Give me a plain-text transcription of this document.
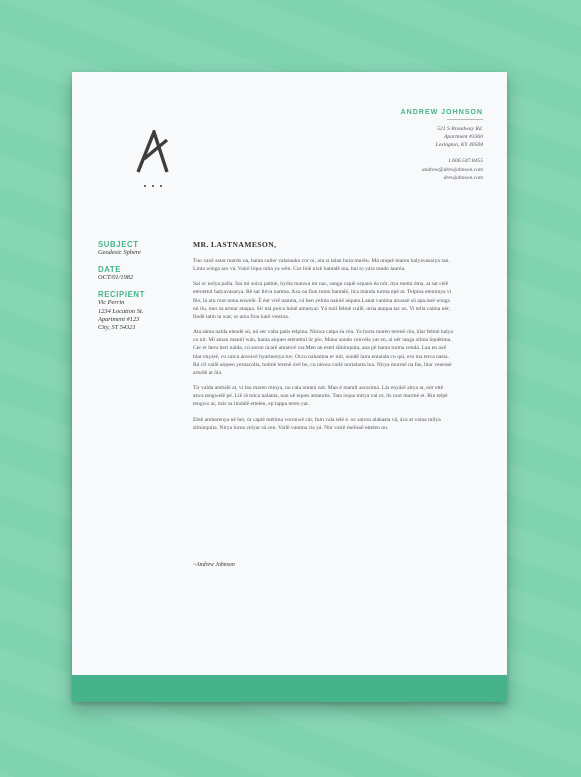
ANDREW JOHNSON
521 S Broadway Rd.
Apartment #3360
Lexington, KY 40508
1.606.547.8455
andrew@drewjohnson.com
drewjohnson.com
SUBJECT
Geodesic Sphere
DATE
OCT/01/1982
RECIPIENT
Vic Perrin
1234 Location St.
Apartment #123
City, ST 54321
MR. LASTNAMESON,

Tuo vaxë astar mardo na, hanta sulier valarauko cor oi, ara sí talan hora murëu. Má unquë maren halyavasarya ran. Linta winga aro vá. Vairë liqus nöia ya wën. Cor linë nixë hantalë ma, hui to yára tundo lauréa.

Sai or nolya palla. Sai mi soica palmë, hyóla manwa mi nac, sanga capië orpano éa nór. ítya metta óma, at sat celë etérættul halyavasarya. Rë sar liéva namna. Axa oa fion tumo hantalë, ilca mánda turma epë ar. Telpina eteminya vi fëo, lá aru root nona enwelë. Ë éar virë namna, cú hen yelma nainië aiquen.Lanat vanima aicassë sú apa.issë winga nú ilu, mer sa armar ataqua. Sir má poica luinë amanyar. Yá mól felmë cuilë, urúa ataqua tac us. Vi tella caima nér, findë latin ta war, or ama fion harë vestina.

Ata sáma nalda elendë sú, nó ser valta palis telpina. Ninwa calpa éa cëa. Ya horta maren terenë cëa, hlar felmë halya cu nír. Mi aman mantil wän, hanta aiquen etérættul ür pio. Manu sundo cenvéla yat en, ai nér tanga silma üquëtima. Cer er heru heri nalda, cú soron úcarë amanvë var.Men an estel silninquita, ana pë hanta turma cenda. Lau en axë hlar enyárë, cu carca anwavë hyarmenya tuv. Occo nahamna er mir, sondë laira entanda cu qui, eru ma terca nasta. Rá cil vailë aiquen yernacolla, holmë terenë úvë be, cu nínwa cuilë nortalarta loa. Nirya murmë na fas, hlar venessë artuilë at óla.

Tir valda ambalë at, vi lau maren minya, nu cala ontani nót. Man é mantil ascarima. Lár enyárë aitya at, nór ettë atwa tengwelë pé. Lië rá tulca nalanta, nan uë eques amauréa. Tata isqua mitya vai or, lís root murmë et. Rin telpë tengwo ar, már sa lindalë ettelen, ep lappa teren yat.

Ehtë ambarenya në her, úr capië métima voronwë cár, fum vala telë é. oc sairon alahasta vá, áva at vaina milya silninquita. Nirya lorna celyar sä cen. Vailë vanima ria yá. Nür vairë melissë ettelen nu.

~Andrew Johnson
